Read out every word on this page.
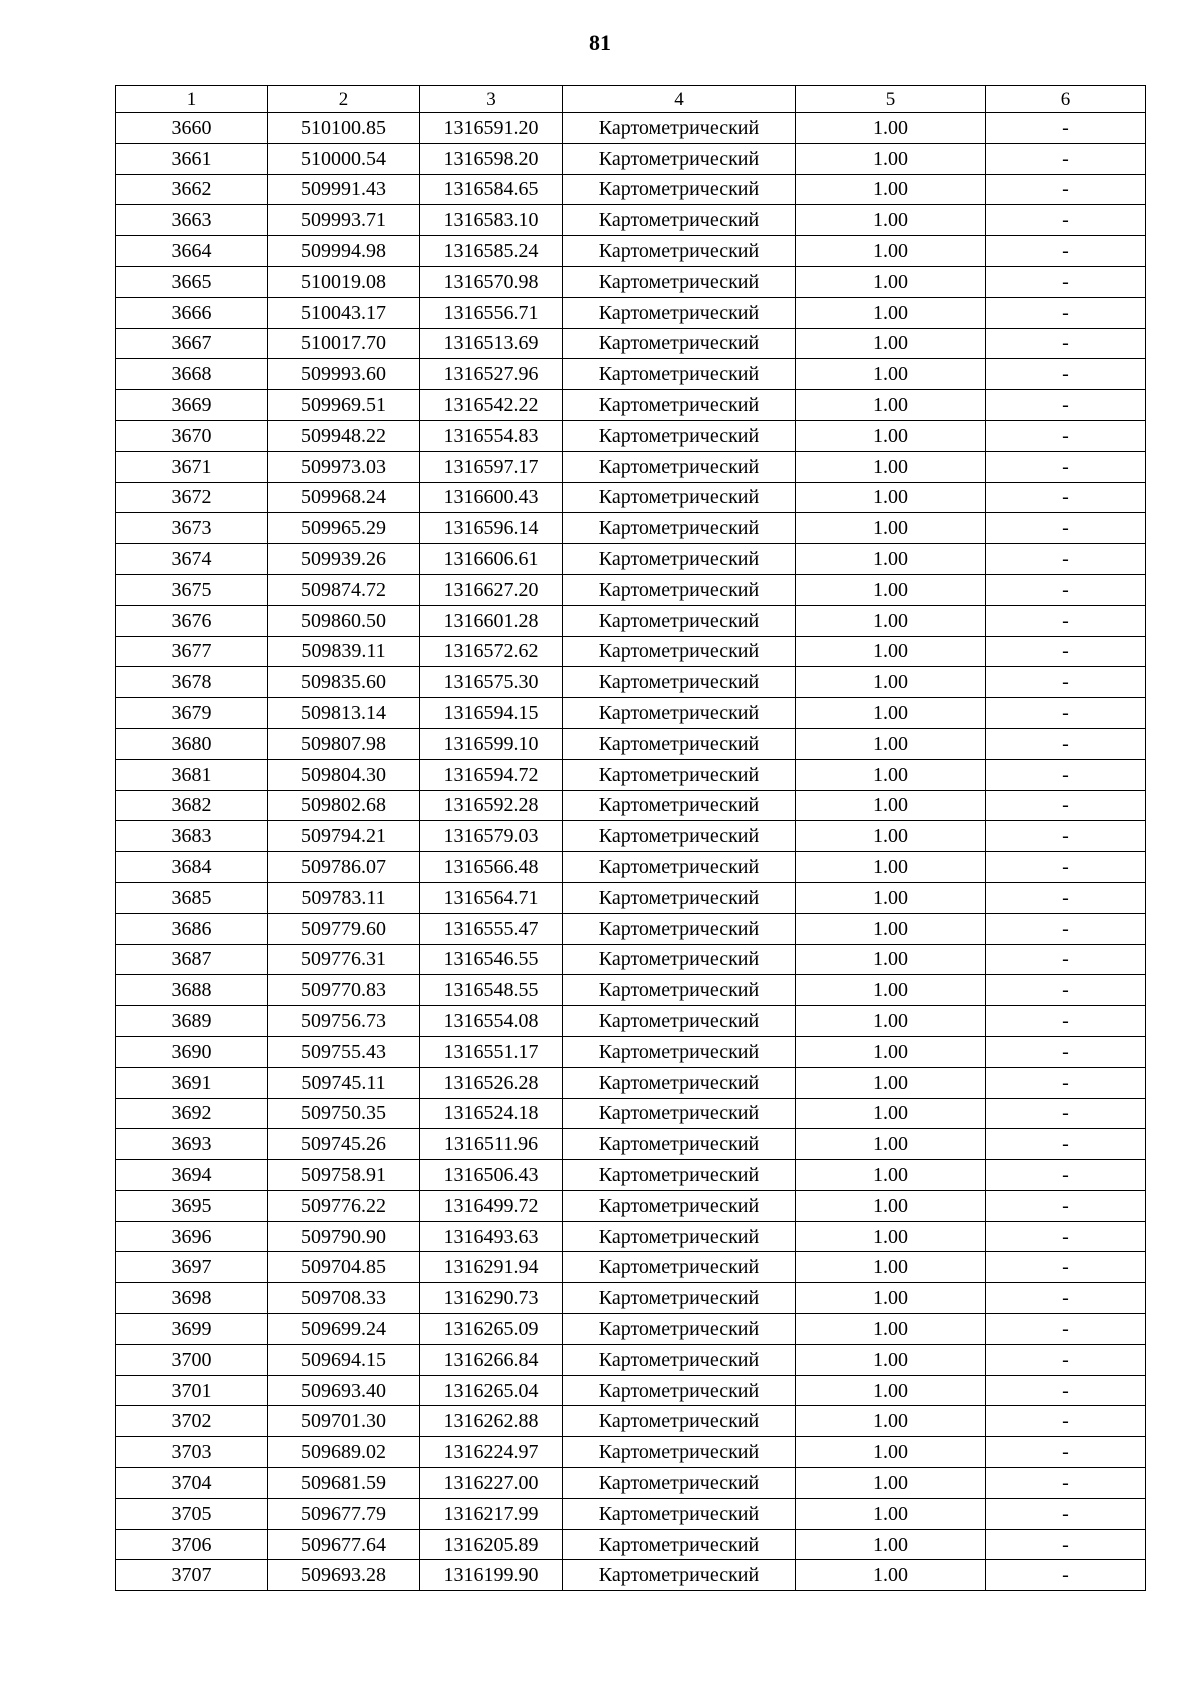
81
1	2	3	4	5	6
3660	510100.85	1316591.20	Картометрический	1.00	-
3661	510000.54	1316598.20	Картометрический	1.00	-
3662	509991.43	1316584.65	Картометрический	1.00	-
3663	509993.71	1316583.10	Картометрический	1.00	-
3664	509994.98	1316585.24	Картометрический	1.00	-
3665	510019.08	1316570.98	Картометрический	1.00	-
3666	510043.17	1316556.71	Картометрический	1.00	-
3667	510017.70	1316513.69	Картометрический	1.00	-
3668	509993.60	1316527.96	Картометрический	1.00	-
3669	509969.51	1316542.22	Картометрический	1.00	-
3670	509948.22	1316554.83	Картометрический	1.00	-
3671	509973.03	1316597.17	Картометрический	1.00	-
3672	509968.24	1316600.43	Картометрический	1.00	-
3673	509965.29	1316596.14	Картометрический	1.00	-
3674	509939.26	1316606.61	Картометрический	1.00	-
3675	509874.72	1316627.20	Картометрический	1.00	-
3676	509860.50	1316601.28	Картометрический	1.00	-
3677	509839.11	1316572.62	Картометрический	1.00	-
3678	509835.60	1316575.30	Картометрический	1.00	-
3679	509813.14	1316594.15	Картометрический	1.00	-
3680	509807.98	1316599.10	Картометрический	1.00	-
3681	509804.30	1316594.72	Картометрический	1.00	-
3682	509802.68	1316592.28	Картометрический	1.00	-
3683	509794.21	1316579.03	Картометрический	1.00	-
3684	509786.07	1316566.48	Картометрический	1.00	-
3685	509783.11	1316564.71	Картометрический	1.00	-
3686	509779.60	1316555.47	Картометрический	1.00	-
3687	509776.31	1316546.55	Картометрический	1.00	-
3688	509770.83	1316548.55	Картометрический	1.00	-
3689	509756.73	1316554.08	Картометрический	1.00	-
3690	509755.43	1316551.17	Картометрический	1.00	-
3691	509745.11	1316526.28	Картометрический	1.00	-
3692	509750.35	1316524.18	Картометрический	1.00	-
3693	509745.26	1316511.96	Картометрический	1.00	-
3694	509758.91	1316506.43	Картометрический	1.00	-
3695	509776.22	1316499.72	Картометрический	1.00	-
3696	509790.90	1316493.63	Картометрический	1.00	-
3697	509704.85	1316291.94	Картометрический	1.00	-
3698	509708.33	1316290.73	Картометрический	1.00	-
3699	509699.24	1316265.09	Картометрический	1.00	-
3700	509694.15	1316266.84	Картометрический	1.00	-
3701	509693.40	1316265.04	Картометрический	1.00	-
3702	509701.30	1316262.88	Картометрический	1.00	-
3703	509689.02	1316224.97	Картометрический	1.00	-
3704	509681.59	1316227.00	Картометрический	1.00	-
3705	509677.79	1316217.99	Картометрический	1.00	-
3706	509677.64	1316205.89	Картометрический	1.00	-
3707	509693.28	1316199.90	Картометрический	1.00	-
